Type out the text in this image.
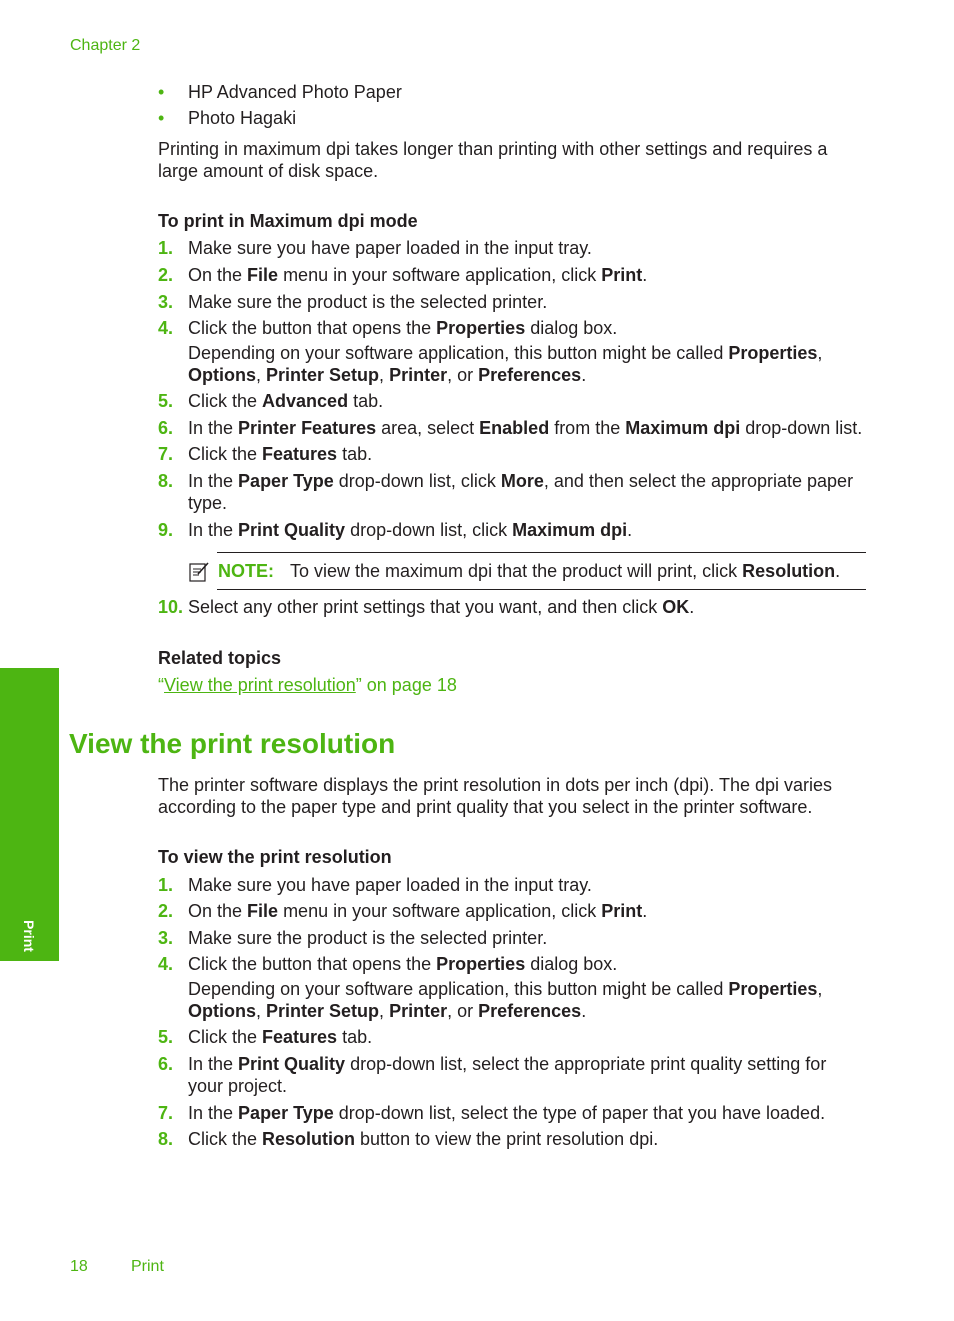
Chapter 2
Print
•	HP Advanced Photo Paper
•	Photo Hagaki
Printing in maximum dpi takes longer than printing with other settings and requires a large amount of disk space.
To print in Maximum dpi mode
1. Make sure you have paper loaded in the input tray.
2. On the File menu in your software application, click Print.
3. Make sure the product is the selected printer.
4. Click the button that opens the Properties dialog box.
Depending on your software application, this button might be called Properties, Options, Printer Setup, Printer, or Preferences.
5. Click the Advanced tab.
6. In the Printer Features area, select Enabled from the Maximum dpi drop-down list.
7. Click the Features tab.
8. In the Paper Type drop-down list, click More, and then select the appropriate paper type.
9. In the Print Quality drop-down list, click Maximum dpi.
NOTE: To view the maximum dpi that the product will print, click Resolution.
10. Select any other print settings that you want, and then click OK.
Related topics
“View the print resolution” on page 18
View the print resolution
The printer software displays the print resolution in dots per inch (dpi). The dpi varies according to the paper type and print quality that you select in the printer software.
To view the print resolution
1. Make sure you have paper loaded in the input tray.
2. On the File menu in your software application, click Print.
3. Make sure the product is the selected printer.
4. Click the button that opens the Properties dialog box.
Depending on your software application, this button might be called Properties, Options, Printer Setup, Printer, or Preferences.
5. Click the Features tab.
6. In the Print Quality drop-down list, select the appropriate print quality setting for your project.
7. In the Paper Type drop-down list, select the type of paper that you have loaded.
8. Click the Resolution button to view the print resolution dpi.
18	Print
